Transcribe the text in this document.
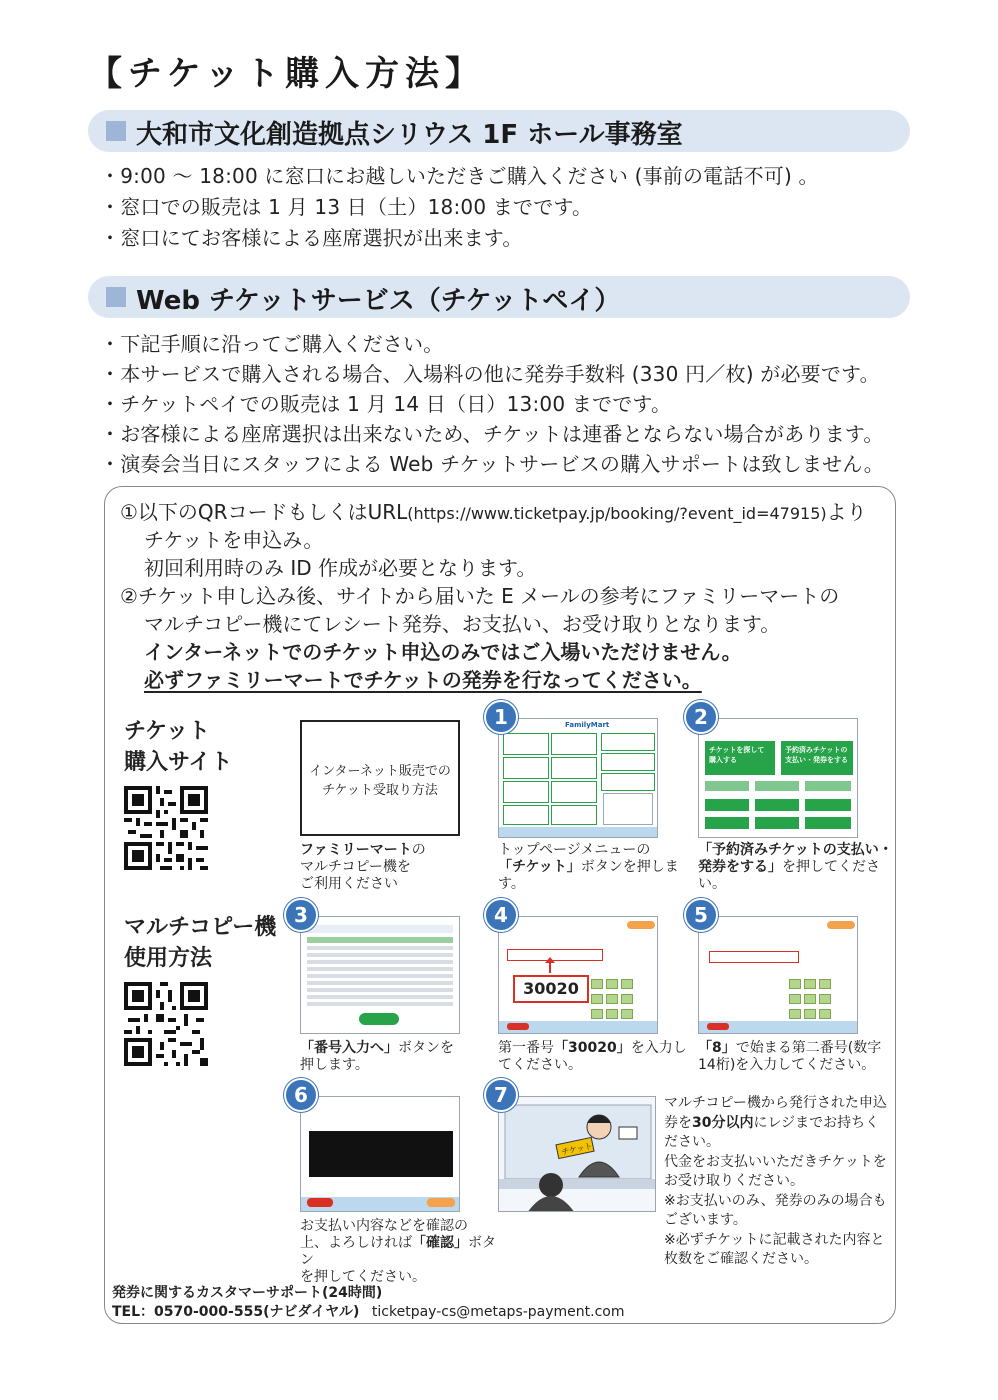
【チケット購入方法】
大和市文化創造拠点シリウス 1F ホール事務室
・9:00 ～ 18:00 に窓口にお越しいただきご購入ください (事前の電話不可) 。
・窓口での販売は 1 月 13 日（土）18:00 までです。
・窓口にてお客様による座席選択が出来ます。
Web チケットサービス（チケットペイ）
・下記手順に沿ってご購入ください。
・本サービスで購入される場合、入場料の他に発券手数料 (330 円／枚) が必要です。
・チケットペイでの販売は 1 月 14 日（日）13:00 までです。
・お客様による座席選択は出来ないため、チケットは連番とならない場合があります。
・演奏会当日にスタッフによる Web チケットサービスの購入サポートは致しません。
①以下のQRコードもしくはURL(https://www.ticketpay.jp/booking/?event_id=47915)より
チケットを申込み。
初回利用時のみ ID 作成が必要となります。
②チケット申し込み後、サイトから届いた E メールの参考にファミリーマートの
マルチコピー機にてレシート発券、お支払い、お受け取りとなります。
インターネットでのチケット申込のみではご入場いただけません。
必ずファミリーマートでチケットの発券を行なってください。
チケット
購入サイト
マルチコピー機
使用方法
インターネット販売での
チケット受取り方法
ファミリーマートの
マルチコピー機を
ご利用ください
FamilyMart
1
トップページメニューの
「チケット」ボタンを押します。
チケットを探して
購入する
予約済みチケットの
支払い・発券をする
2
「予約済みチケットの支払い・
発券をする」を押してください。
3
「番号入力へ」ボタンを
押します。
30020
4
第一番号「30020」を入力し
てください。
5
「8」で始まる第二番号(数字
14桁)を入力してください。
6
お支払い内容などを確認の
上、よろしければ「確認」ボタン
を押してください。
チケット
7	マルチコピー機から発行された申込
券を30分以内にレジまでお持ちく
ださい。
代金をお支払いいただきチケットを
お受け取りください。
※お支払いのみ、発券のみの場合も
ございます。
※必ずチケットに記載された内容と
枚数をご確認ください。
発券に関するカスタマーサポート(24時間)
TEL：0570-000-555(ナビダイヤル) ticketpay-cs@metaps-payment.com
